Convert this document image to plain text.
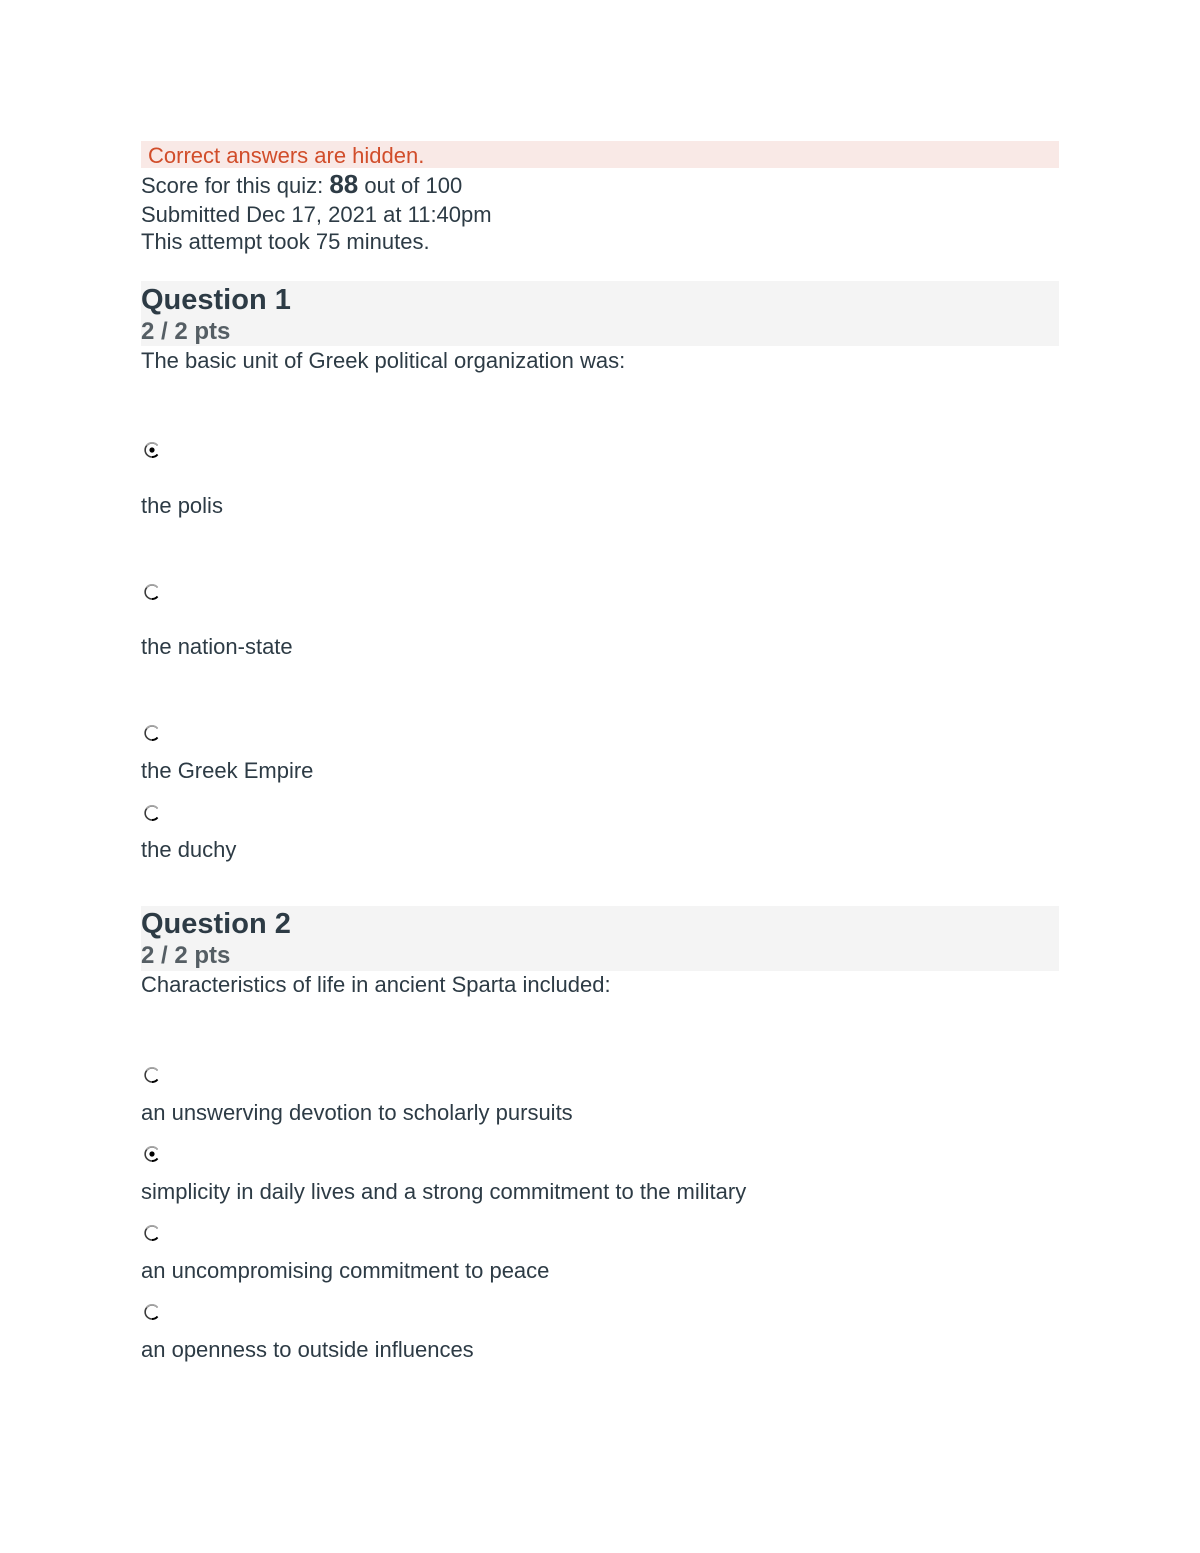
Correct answers are hidden.
Score for this quiz: 88 out of 100
Submitted Dec 17, 2021 at 11:40pm
This attempt took 75 minutes.
Question 1
2 / 2 pts
The basic unit of Greek political organization was:
the polis
the nation-state
the Greek Empire
the duchy
Question 2
2 / 2 pts
Characteristics of life in ancient Sparta included:
an unswerving devotion to scholarly pursuits
simplicity in daily lives and a strong commitment to the military
an uncompromising commitment to peace
an openness to outside influences
